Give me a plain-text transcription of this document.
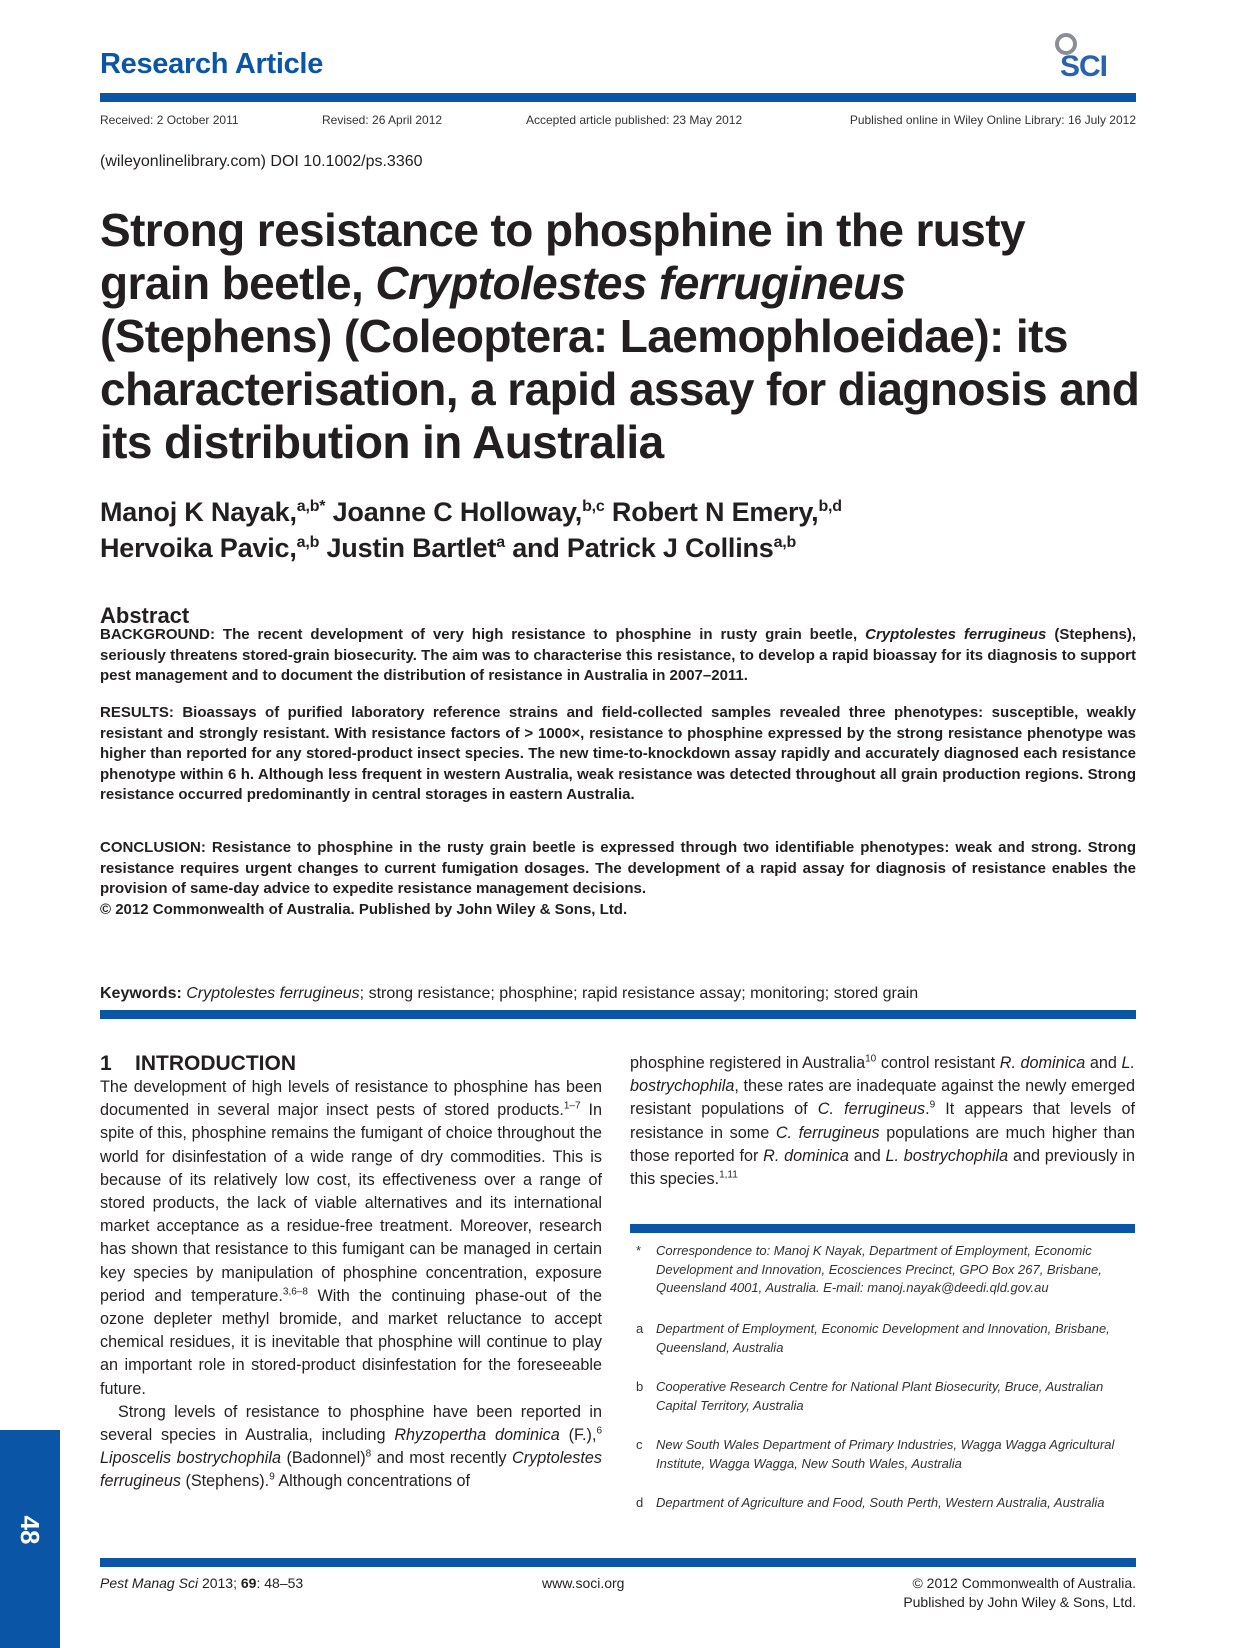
Research Article	SCI
Received: 2 October 2011	Revised: 26 April 2012	Accepted article published: 23 May 2012	Published online in Wiley Online Library: 16 July 2012
(wileyonlinelibrary.com) DOI 10.1002/ps.3360
Strong resistance to phosphine in the rusty grain beetle, Cryptolestes ferrugineus (Stephens) (Coleoptera: Laemophloeidae): its characterisation, a rapid assay for diagnosis and its distribution in Australia
Manoj K Nayak,$^{a,b*}$ Joanne C Holloway,$^{b,c}$ Robert N Emery,$^{b,d}$
Hervoika Pavic,$^{a,b}$ Justin Bartlet$^a$ and Patrick J Collins$^{a,b}$
Abstract

BACKGROUND: The recent development of very high resistance to phosphine in rusty grain beetle, Cryptolestes ferrugineus (Stephens), seriously threatens stored-grain biosecurity. The aim was to characterise this resistance, to develop a rapid bioassay for its diagnosis to support pest management and to document the distribution of resistance in Australia in 2007–2011.

RESULTS: Bioassays of purified laboratory reference strains and field-collected samples revealed three phenotypes: susceptible, weakly resistant and strongly resistant. With resistance factors of > 1000×, resistance to phosphine expressed by the strong resistance phenotype was higher than reported for any stored-product insect species. The new time-to-knockdown assay rapidly and accurately diagnosed each resistance phenotype within 6 h. Although less frequent in western Australia, weak resistance was detected throughout all grain production regions. Strong resistance occurred predominantly in central storages in eastern Australia.

CONCLUSION: Resistance to phosphine in the rusty grain beetle is expressed through two identifiable phenotypes: weak and strong. Strong resistance requires urgent changes to current fumigation dosages. The development of a rapid assay for diagnosis of resistance enables the provision of same-day advice to expedite resistance management decisions.
© 2012 Commonwealth of Australia. Published by John Wiley & Sons, Ltd.

Keywords: Cryptolestes ferrugineus; strong resistance; phosphine; rapid resistance assay; monitoring; stored grain
1    INTRODUCTION

The development of high levels of resistance to phosphine has been documented in several major insect pests of stored products.$^{1-7}$ In spite of this, phosphine remains the fumigant of choice throughout the world for disinfestation of a wide range of dry commodities. This is because of its relatively low cost, its effectiveness over a range of stored products, the lack of viable alternatives and its international market acceptance as a residue-free treatment. Moreover, research has shown that resistance to this fumigant can be managed in certain key species by manipulation of phosphine concentration, exposure period and temperature.$^{3,6-8}$ With the continuing phase-out of the ozone depleter methyl bromide, and market reluctance to accept chemical residues, it is inevitable that phosphine will continue to play an important role in stored-product disinfestation for the foreseeable future.

Strong levels of resistance to phosphine have been reported in several species in Australia, including Rhyzopertha dominica (F.),$^6$ Liposcelis bostrychophila (Badonnel)$^8$ and most recently Cryptolestes ferrugineus (Stephens).$^9$ Although concentrations of

phosphine registered in Australia$^{10}$ control resistant R. dominica and L. bostrychophila, these rates are inadequate against the newly emerged resistant populations of C. ferrugineus.$^9$ It appears that levels of resistance in some C. ferrugineus populations are much higher than those reported for R. dominica and L. bostrychophila and previously in this species.$^{1,11}$

* Correspondence to: Manoj K Nayak, Department of Employment, Economic Development and Innovation, Ecosciences Precinct, GPO Box 267, Brisbane, Queensland 4001, Australia. E-mail: manoj.nayak@deedi.qld.gov.au
a Department of Employment, Economic Development and Innovation, Brisbane, Queensland, Australia
b Cooperative Research Centre for National Plant Biosecurity, Bruce, Australian Capital Territory, Australia
c New South Wales Department of Primary Industries, Wagga Wagga Agricultural Institute, Wagga Wagga, New South Wales, Australia
d Department of Agriculture and Food, South Perth, Western Australia, Australia
48
Pest Manag Sci 2013; 69: 48–53	www.soci.org	© 2012 Commonwealth of Australia.
Published by John Wiley & Sons, Ltd.
